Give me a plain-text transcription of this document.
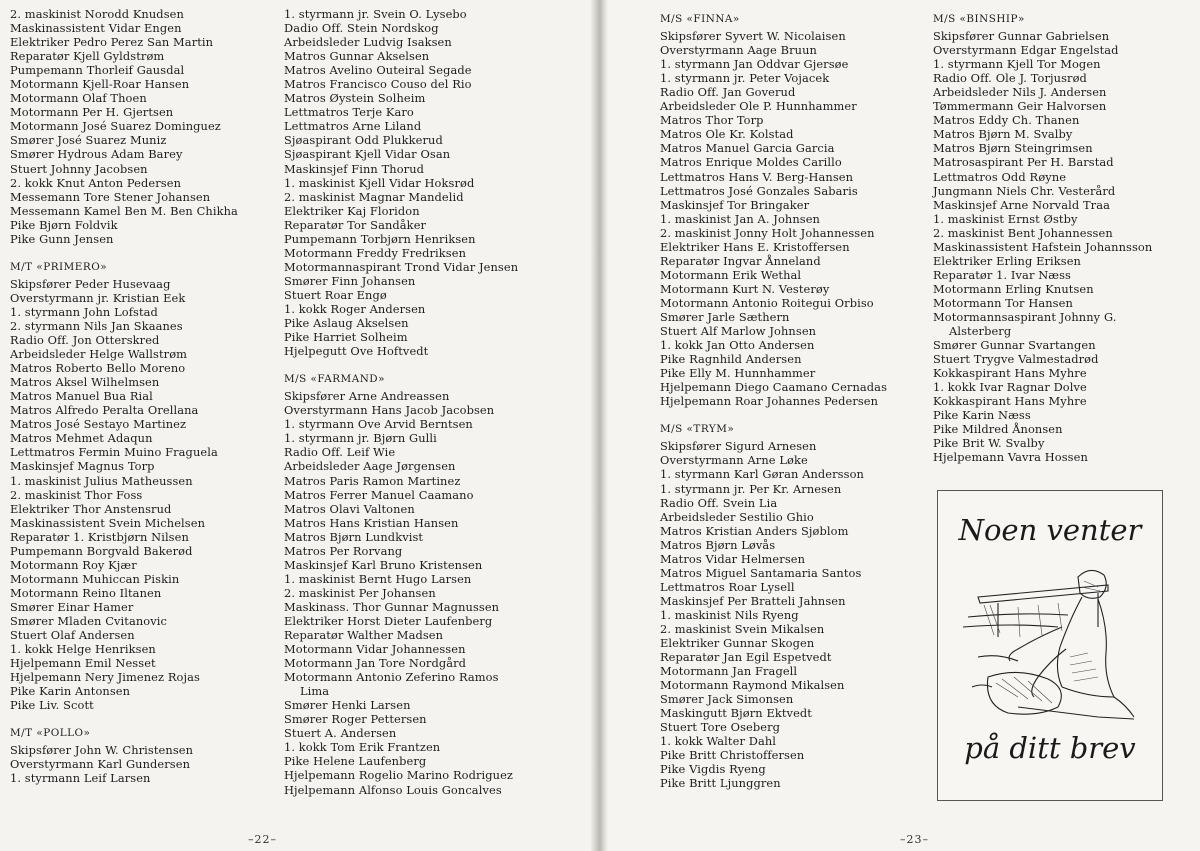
2. maskinist Norodd Knudsen
Maskinassistent Vidar Engen
Elektriker Pedro Perez San Martin
Reparatør Kjell Gyldstrøm
Pumpemann Thorleif Gausdal
Motormann Kjell-Roar Hansen
Motormann Olaf Thoen
Motormann Per H. Gjertsen
Motormann José Suarez Dominguez
Smører José Suarez Muniz
Smører Hydrous Adam Barey
Stuert Johnny Jacobsen
2. kokk Knut Anton Pedersen
Messemann Tore Stener Johansen
Messemann Kamel Ben M. Ben Chikha
Pike Bjørn Foldvik
Pike Gunn Jensen
M/T «PRIMERO»
Skipsfører Peder Husevaag
Overstyrmann jr. Kristian Eek
1. styrmann John Lofstad
2. styrmann Nils Jan Skaanes
Radio Off. Jon Otterskred
Arbeidsleder Helge Wallstrøm
Matros Roberto Bello Moreno
Matros Aksel Wilhelmsen
Matros Manuel Bua Rial
Matros Alfredo Peralta Orellana
Matros José Sestayo Martinez
Matros Mehmet Adaqun
Lettmatros Fermin Muino Fraguela
Maskinsjef Magnus Torp
1. maskinist Julius Matheussen
2. maskinist Thor Foss
Elektriker Thor Anstensrud
Maskinassistent Svein Michelsen
Reparatør 1. Kristbjørn Nilsen
Pumpemann Borgvald Bakerød
Motormann Roy Kjær
Motormann Muhiccan Piskin
Motormann Reino Iltanen
Smører Einar Hamer
Smører Mladen Cvitanovic
Stuert Olaf Andersen
1. kokk Helge Henriksen
Hjelpemann Emil Nesset
Hjelpemann Nery Jimenez Rojas
Pike Karin Antonsen
Pike Liv. Scott
M/T «POLLO»
Skipsfører John W. Christensen
Overstyrmann Karl Gundersen
1. styrmann Leif Larsen
1. styrmann jr. Svein O. Lysebo
Dadio Off. Stein Nordskog
Arbeidsleder Ludvig Isaksen
Matros Gunnar Akselsen
Matros Avelino Outeiral Segade
Matros Francisco Couso del Rio
Matros Øystein Solheim
Lettmatros Terje Karo
Lettmatros Arne Liland
Sjøaspirant Odd Plukkerud
Sjøaspirant Kjell Vidar Osan
Maskinsjef Finn Thorud
1. maskinist Kjell Vidar Hoksrød
2. maskinist Magnar Mandelid
Elektriker Kaj Floridon
Reparatør Tor Sandåker
Pumpemann Torbjørn Henriksen
Motormann Freddy Fredriksen
Motormannaspirant Trond Vidar Jensen
Smører Finn Johansen
Stuert Roar Engø
1. kokk Roger Andersen
Pike Aslaug Akselsen
Pike Harriet Solheim
Hjelpegutt Ove Hoftvedt
M/S «FARMAND»
Skipsfører Arne Andreassen
Overstyrmann Hans Jacob Jacobsen
1. styrmann Ove Arvid Berntsen
1. styrmann jr. Bjørn Gulli
Radio Off. Leif Wie
Arbeidsleder Aage Jørgensen
Matros Paris Ramon Martinez
Matros Ferrer Manuel Caamano
Matros Olavi Valtonen
Matros Hans Kristian Hansen
Matros Bjørn Lundkvist
Matros Per Rorvang
Maskinsjef Karl Bruno Kristensen
1. maskinist Bernt Hugo Larsen
2. maskinist Per Johansen
Maskinass. Thor Gunnar Magnussen
Elektriker Horst Dieter Laufenberg
Reparatør Walther Madsen
Motormann Vidar Johannessen
Motormann Jan Tore Nordgård
Motormann Antonio Zeferino Ramos
Lima
Smører Henki Larsen
Smører Roger Pettersen
Stuert A. Andersen
1. kokk Tom Erik Frantzen
Pike Helene Laufenberg
Hjelpemann Rogelio Marino Rodriguez
Hjelpemann Alfonso Louis Goncalves
–22–
M/S «FINNA»
Skipsfører Syvert W. Nicolaisen
Overstyrmann Aage Bruun
1. styrmann Jan Oddvar Gjersøe
1. styrmann jr. Peter Vojacek
Radio Off. Jan Goverud
Arbeidsleder Ole P. Hunnhammer
Matros Thor Torp
Matros Ole Kr. Kolstad
Matros Manuel Garcia Garcia
Matros Enrique Moldes Carillo
Lettmatros Hans V. Berg-Hansen
Lettmatros José Gonzales Sabaris
Maskinsjef Tor Bringaker
1. maskinist Jan A. Johnsen
2. maskinist Jonny Holt Johannessen
Elektriker Hans E. Kristoffersen
Reparatør Ingvar Ånneland
Motormann Erik Wethal
Motormann Kurt N. Vesterøy
Motormann Antonio Roitegui Orbiso
Smører Jarle Sæthern
Stuert Alf Marlow Johnsen
1. kokk Jan Otto Andersen
Pike Ragnhild Andersen
Pike Elly M. Hunnhammer
Hjelpemann Diego Caamano Cernadas
Hjelpemann Roar Johannes Pedersen
M/S «TRYM»
Skipsfører Sigurd Arnesen
Overstyrmann Arne Løke
1. styrmann Karl Gøran Andersson
1. styrmann jr. Per Kr. Arnesen
Radio Off. Svein Lia
Arbeidsleder Sestilio Ghio
Matros Kristian Anders Sjøblom
Matros Bjørn Løvås
Matros Vidar Helmersen
Matros Miguel Santamaria Santos
Lettmatros Roar Lysell
Maskinsjef Per Bratteli Jahnsen
1. maskinist Nils Ryeng
2. maskinist Svein Mikalsen
Elektriker Gunnar Skogen
Reparatør Jan Egil Espetvedt
Motormann Jan Fragell
Motormann Raymond Mikalsen
Smører Jack Simonsen
Maskingutt Bjørn Ektvedt
Stuert Tore Oseberg
1. kokk Walter Dahl
Pike Britt Christoffersen
Pike Vigdis Ryeng
Pike Britt Ljunggren
M/S «BINSHIP»
Skipsfører Gunnar Gabrielsen
Overstyrmann Edgar Engelstad
1. styrmann Kjell Tor Mogen
Radio Off. Ole J. Torjusrød
Arbeidsleder Nils J. Andersen
Tømmermann Geir Halvorsen
Matros Eddy Ch. Thanen
Matros Bjørn M. Svalby
Matros Bjørn Steingrimsen
Matrosaspirant Per H. Barstad
Lettmatros Odd Røyne
Jungmann Niels Chr. Vesterård
Maskinsjef Arne Norvald Traa
1. maskinist Ernst Østby
2. maskinist Bent Johannessen
Maskinassistent Hafstein Johannsson
Elektriker Erling Eriksen
Reparatør 1. Ivar Næss
Motormann Erling Knutsen
Motormann Tor Hansen
Motormannsaspirant Johnny G.
Alsterberg
Smører Gunnar Svartangen
Stuert Trygve Valmestadrød
Kokkaspirant Hans Myhre
1. kokk Ivar Ragnar Dolve
Kokkaspirant Hans Myhre
Pike Karin Næss
Pike Mildred Ånonsen
Pike Brit W. Svalby
Hjelpemann Vavra Hossen
–23–
Noen venter
på ditt brev
